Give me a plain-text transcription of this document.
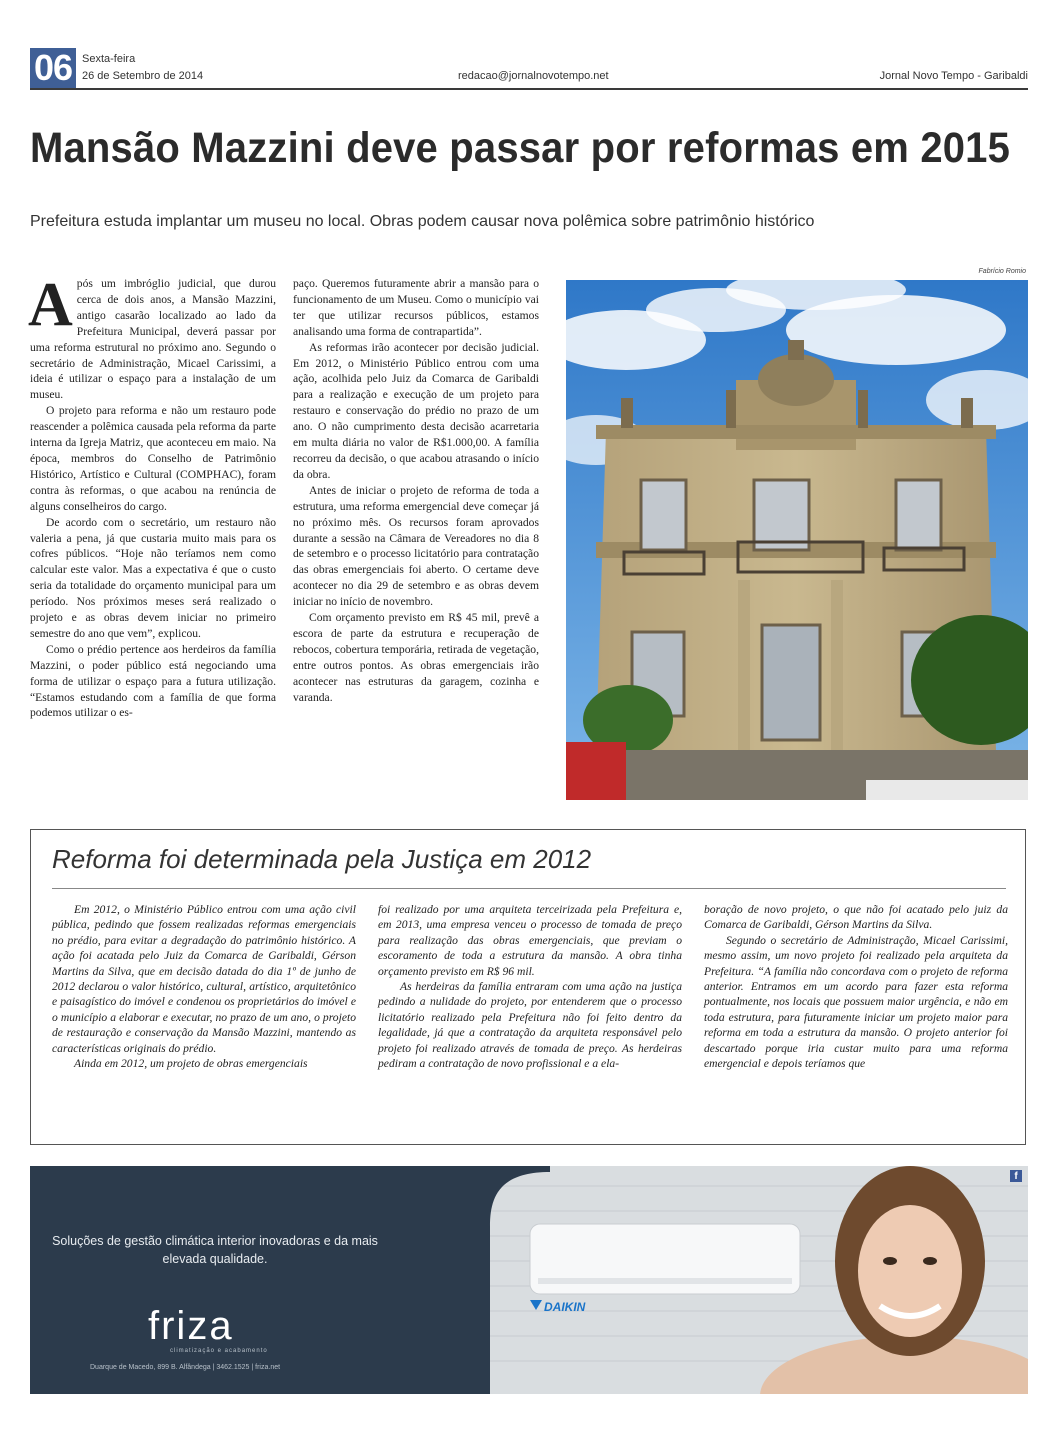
06 Sexta-feira
26 de Setembro de 2014	redacao@jornalnovotempo.net	Jornal Novo Tempo - Garibaldi
Mansão Mazzini deve passar por reformas em 2015
Prefeitura estuda implantar um museu no local. Obras podem causar nova polêmica sobre patrimônio histórico
A pós um imbróglio judicial, que durou cerca de dois anos, a Mansão Mazzini, antigo casarão localizado ao lado da Prefeitura Municipal, deverá passar por uma reforma estrutural no próximo ano. Segundo o secretário de Administração, Micael Carissimi, a ideia é utilizar o espaço para a instalação de um museu.

O projeto para reforma e não um restauro pode reascender a polêmica causada pela reforma da parte interna da Igreja Matriz, que aconteceu em maio. Na época, membros do Conselho de Patrimônio Histórico, Artístico e Cultural (COMPHAC), foram contra às reformas, o que acabou na renúncia de alguns conselheiros do cargo.

De acordo com o secretário, um restauro não valeria a pena, já que custaria muito mais para os cofres públicos. “Hoje não teríamos nem como calcular este valor. Mas a expectativa é que o custo seria da totalidade do orçamento municipal para um período. Nos próximos meses será realizado o projeto e as obras devem iniciar no primeiro semestre do ano que vem”, explicou.

Como o prédio pertence aos herdeiros da família Mazzini, o poder público está negociando uma forma de utilizar o espaço para a futura utilização. “Estamos estudando com a família de que forma podemos utilizar o es-

paço. Queremos futuramente abrir a mansão para o funcionamento de um Museu. Como o município vai ter que utilizar recursos públicos, estamos analisando uma forma de contrapartida”.

As reformas irão acontecer por decisão judicial. Em 2012, o Ministério Público entrou com uma ação, acolhida pelo Juiz da Comarca de Garibaldi para a realização e execução de um projeto para restauro e conservação do prédio no prazo de um ano. O não cumprimento desta decisão acarretaria em multa diária no valor de R$1.000,00. A família recorreu da decisão, o que acabou atrasando o início da obra.

Antes de iniciar o projeto de reforma de toda a estrutura, uma reforma emergencial deve começar já no próximo mês. Os recursos foram aprovados durante a sessão na Câmara de Vereadores no dia 8 de setembro e o processo licitatório para contratação das obras emergenciais foi aberto. O certame deve acontecer no dia 29 de setembro e as obras devem iniciar no início de novembro.

Com orçamento previsto em R$ 45 mil, prevê a escora de parte da estrutura e recuperação de rebocos, cobertura temporária, retirada de vegetação, entre outros pontos. As obras emergenciais irão acontecer nas estruturas da garagem, cozinha e varanda.

Fabrício Romio
Reforma foi determinada pela Justiça em 2012

Em 2012, o Ministério Público entrou com uma ação civil pública, pedindo que fossem realizadas reformas emergenciais no prédio, para evitar a degradação do patrimônio histórico. A ação foi acatada pelo Juiz da Comarca de Garibaldi, Gérson Martins da Silva, que em decisão datada do dia 1º de junho de 2012 declarou o valor histórico, cultural, artístico, arquitetônico e paisagístico do imóvel e condenou os proprietários do imóvel e o município a elaborar e executar, no prazo de um ano, o projeto de restauração e conservação da Mansão Mazzini, mantendo as características originais do prédio.

Ainda em 2012, um projeto de obras emergenciais

foi realizado por uma arquiteta terceirizada pela Prefeitura e, em 2013, uma empresa venceu o processo de tomada de preço para realização das obras emergenciais, que previam o escoramento de toda a estrutura da mansão. A obra tinha orçamento previsto em R$ 96 mil.

As herdeiras da família entraram com uma ação na justiça pedindo a nulidade do projeto, por entenderem que o processo licitatório realizado pela Prefeitura não foi feito dentro da legalidade, já que a contratação da arquiteta responsável pelo projeto foi realizado através de tomada de preço. As herdeiras pediram a contratação de novo profissional e a ela-

boração de novo projeto, o que não foi acatado pelo juiz da Comarca de Garibaldi, Gérson Martins da Silva.

Segundo o secretário de Administração, Micael Carissimi, mesmo assim, um novo projeto foi realizado pela arquiteta da Prefeitura. “A família não concordava com o projeto de reforma anterior. Entramos em um acordo para fazer esta reforma pontualmente, nos locais que possuem maior urgência, e não em toda estrutura, para futuramente iniciar um projeto maior para reforma em toda a estrutura da mansão. O projeto anterior foi descartado porque iria custar muito para uma reforma emergencial e depois teríamos que

Soluções de gestão climática interior inovadoras e da mais elevada qualidade.
friza
climatização e acabamento
Duarque de Macedo, 899 B. Alfândega | 3462.1525 | friza.net
DAIKIN
f
